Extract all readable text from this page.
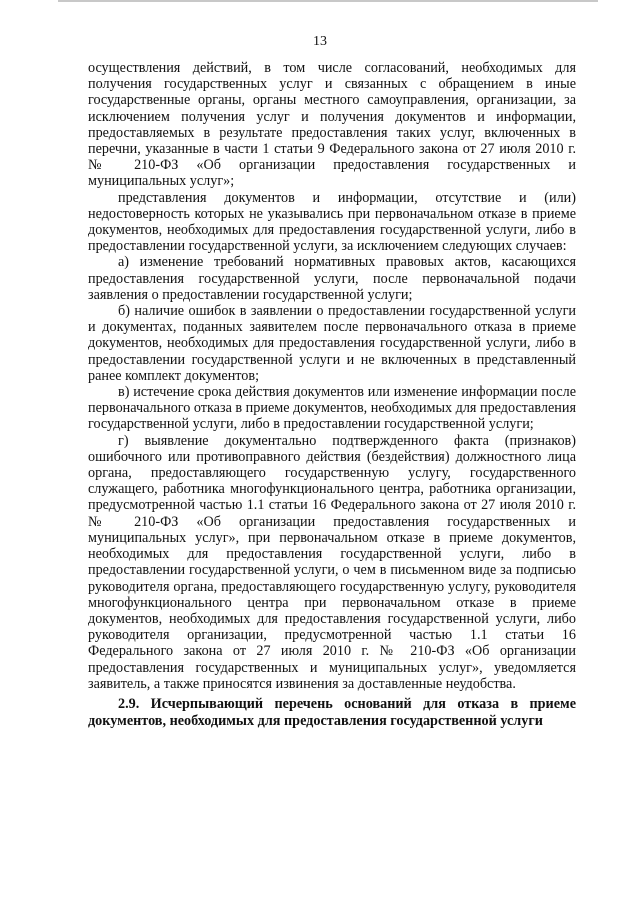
13

осуществления действий, в том числе согласований, необходимых для получения государственных услуг и связанных с обращением в иные государственные органы, органы местного самоуправления, организации, за исключением получения услуг и получения документов и информации, предоставляемых в результате предоставления таких услуг, включенных в перечни, указанные в части 1 статьи 9 Федерального закона от 27 июля 2010 г. № 210-ФЗ «Об организации предоставления государственных и муниципальных услуг»;

представления документов и информации, отсутствие и (или) недостоверность которых не указывались при первоначальном отказе в приеме документов, необходимых для предоставления государственной услуги, либо в предоставлении государственной услуги, за исключением следующих случаев:

а) изменение требований нормативных правовых актов, касающихся предоставления государственной услуги, после первоначальной подачи заявления о предоставлении государственной услуги;

б) наличие ошибок в заявлении о предоставлении государственной услуги и документах, поданных заявителем после первоначального отказа в приеме документов, необходимых для предоставления государственной услуги, либо в предоставлении государственной услуги и не включенных в представленный ранее комплект документов;

в) истечение срока действия документов или изменение информации после первоначального отказа в приеме документов, необходимых для предоставления государственной услуги, либо в предоставлении государственной услуги;

г) выявление документально подтвержденного факта (признаков) ошибочного или противоправного действия (бездействия) должностного лица органа, предоставляющего государственную услугу, государственного служащего, работника многофункционального центра, работника организации, предусмотренной частью 1.1 статьи 16 Федерального закона от 27 июля 2010 г. № 210-ФЗ «Об организации предоставления государственных и муниципальных услуг», при первоначальном отказе в приеме документов, необходимых для предоставления государственной услуги, либо в предоставлении государственной услуги, о чем в письменном виде за подписью руководителя органа, предоставляющего государственную услугу, руководителя многофункционального центра при первоначальном отказе в приеме документов, необходимых для предоставления государственной услуги, либо руководителя организации, предусмотренной частью 1.1 статьи 16 Федерального закона от 27 июля 2010 г. № 210-ФЗ «Об организации предоставления государственных и муниципальных услуг», уведомляется заявитель, а также приносятся извинения за доставленные неудобства.

2.9. Исчерпывающий перечень оснований для отказа в приеме документов, необходимых для предоставления государственной услуги
